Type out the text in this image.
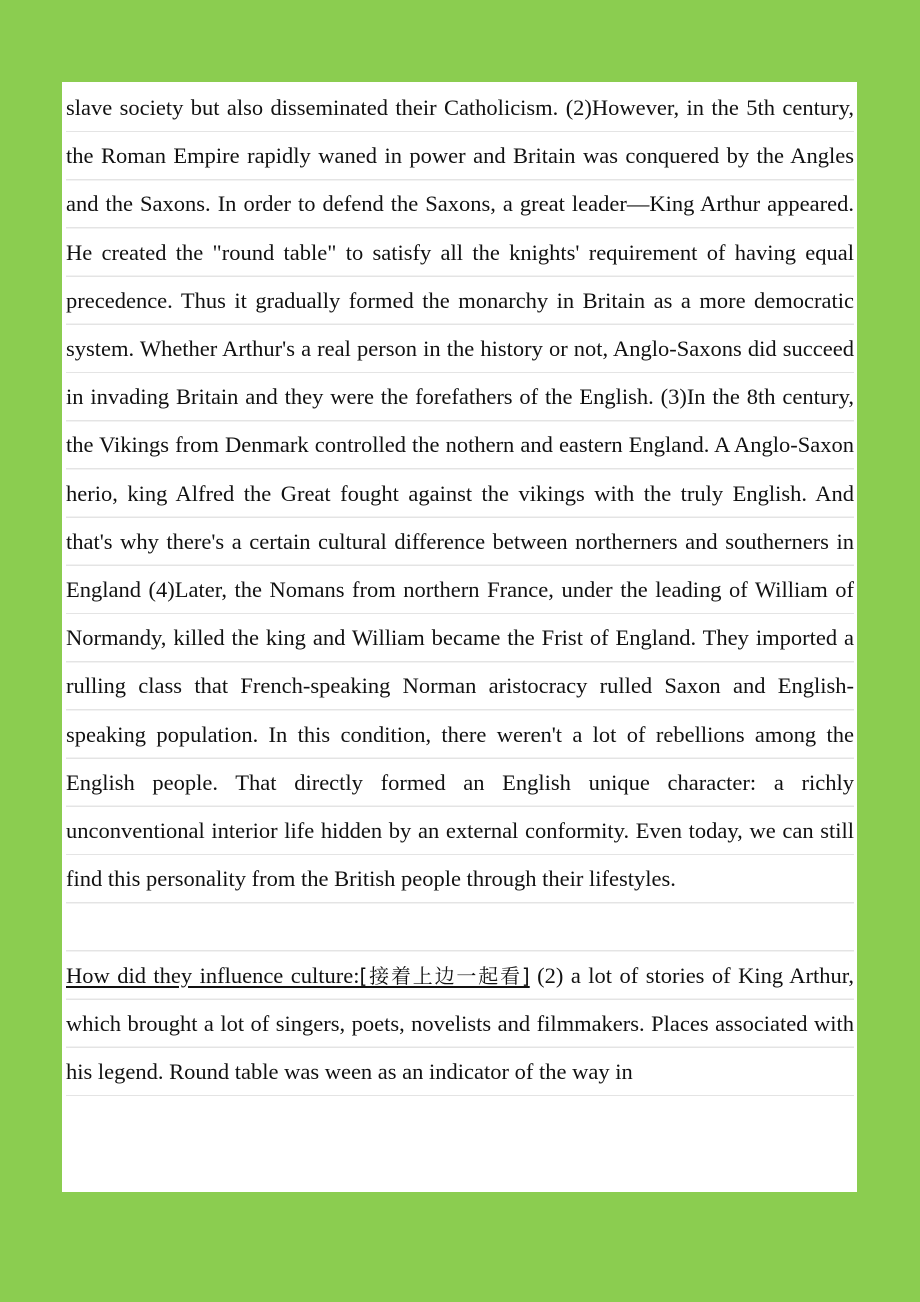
slave society but also disseminated their Catholicism. (2)However, in the 5th century, the Roman Empire rapidly waned in power and Britain was conquered by the Angles and the Saxons. In order to defend the Saxons, a great leader—King Arthur appeared. He created the "round table" to satisfy all the knights' requirement of having equal precedence. Thus it gradually formed the monarchy in Britain as a more democratic system. Whether Arthur's a real person in the history or not, Anglo-Saxons did succeed in invading Britain and they were the forefathers of the English. (3)In the 8th century, the Vikings from Denmark controlled the nothern and eastern England. A Anglo-Saxon herio, king Alfred the Great fought against the vikings with the truly English. And that's why there's a certain cultural difference between northerners and southerners in England (4)Later, the Nomans from northern France, under the leading of William of Normandy, killed the king and William became the Frist of England. They imported a rulling class that French-speaking Norman aristocracy rulled Saxon and English-speaking population. In this condition, there weren't a lot of rebellions among the English people. That directly formed an English unique character: a richly unconventional interior life hidden by an external conformity. Even today, we can still find this personality from the British people through their lifestyles.

How did they influence culture:[接着上边一起看] (2) a lot of stories of King Arthur, which brought a lot of singers, poets, novelists and filmmakers. Places associated with his legend. Round table was ween as an indicator of the way in
